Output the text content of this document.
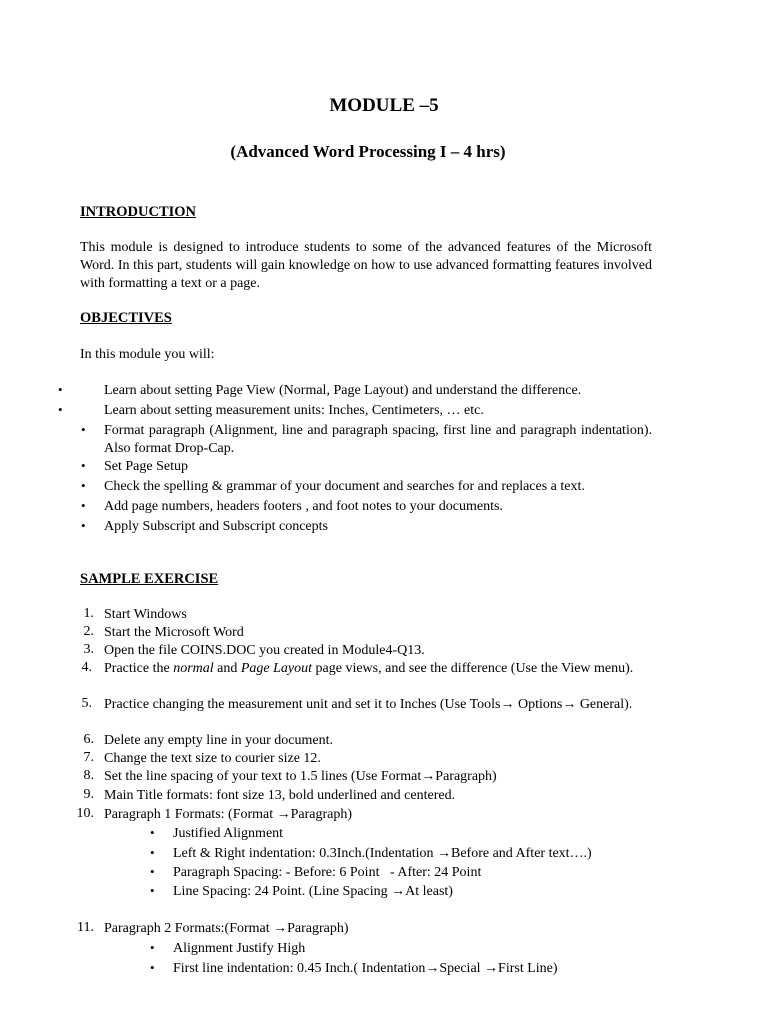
MODULE –5
(Advanced Word Processing I – 4 hrs)
INTRODUCTION
This module is designed to introduce students to some of the advanced features of the Microsoft Word. In this part, students will gain knowledge on how to use advanced formatting features involved with formatting a text or a page.
OBJECTIVES
In this module you will:
•	Learn about setting Page View (Normal, Page Layout) and understand the difference.
•	Learn about setting measurement units: Inches, Centimeters, … etc.
• Format paragraph (Alignment, line and paragraph spacing, first line and paragraph indentation). Also format Drop-Cap.
• Set Page Setup
• Check the spelling & grammar of your document and searches for and replaces a text.
• Add page numbers, headers footers , and foot notes to your documents.
• Apply Subscript and Subscript concepts
SAMPLE EXERCISE
1. Start Windows
2. Start the Microsoft Word
3. Open the file COINS.DOC you created in Module4-Q13.
4. Practice the normal and Page Layout page views, and see the difference (Use the View menu).
5. Practice changing the measurement unit and set it to Inches (Use Tools→ Options→ General).
6. Delete any empty line in your document.
7. Change the text size to courier size 12.
8. Set the line spacing of your text to 1.5 lines (Use Format→Paragraph)
9. Main Title formats: font size 13, bold underlined and centered.
10. Paragraph 1 Formats: (Format →Paragraph)
• Justified Alignment
• Left & Right indentation: 0.3Inch.(Indentation →Before and After text….)
• Paragraph Spacing: - Before: 6 Point   - After: 24 Point
• Line Spacing: 24 Point. (Line Spacing →At least)
11. Paragraph 2 Formats:(Format →Paragraph)
• Alignment Justify High
• First line indentation: 0.45 Inch.( Indentation→Special →First Line)
